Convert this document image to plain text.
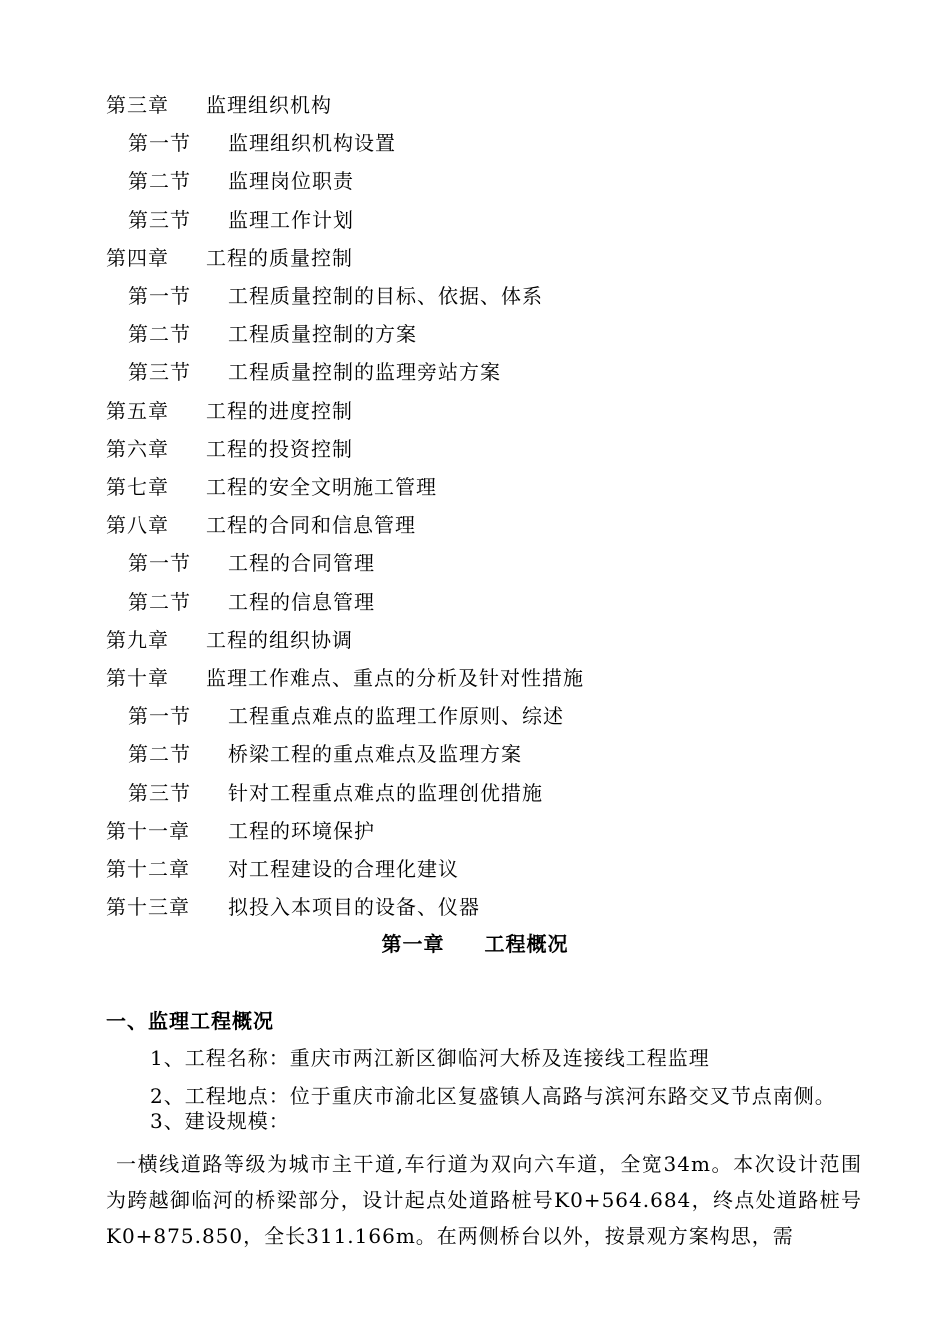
第三章 监理组织机构
第一节 监理组织机构设置
第二节 监理岗位职责
第三节 监理工作计划
第四章 工程的质量控制
第一节 工程质量控制的目标、依据、体系
第二节 工程质量控制的方案
第三节 工程质量控制的监理旁站方案
第五章 工程的进度控制
第六章 工程的投资控制
第七章 工程的安全文明施工管理
第八章 工程的合同和信息管理
第一节 工程的合同管理
第二节 工程的信息管理
第九章 工程的组织协调
第十章 监理工作难点、重点的分析及针对性措施
第一节 工程重点难点的监理工作原则、综述
第二节 桥梁工程的重点难点及监理方案
第三节 针对工程重点难点的监理创优措施
第十一章 工程的环境保护
第十二章 对工程建设的合理化建议
第十三章 拟投入本项目的设备、仪器
第一章 工程概况
一、监理工程概况
1、工程名称：重庆市两江新区御临河大桥及连接线工程监理
2、工程地点：位于重庆市渝北区复盛镇人高路与滨河东路交叉节点南侧。
3、建设规模：
一横线道路等级为城市主干道,车行道为双向六车道，全宽34m。本次设计范围为跨越御临河的桥梁部分，设计起点处道路桩号K0+564.684，终点处道路桩号K0+875.850，全长311.166m。在两侧桥台以外，按景观方案构思，需
